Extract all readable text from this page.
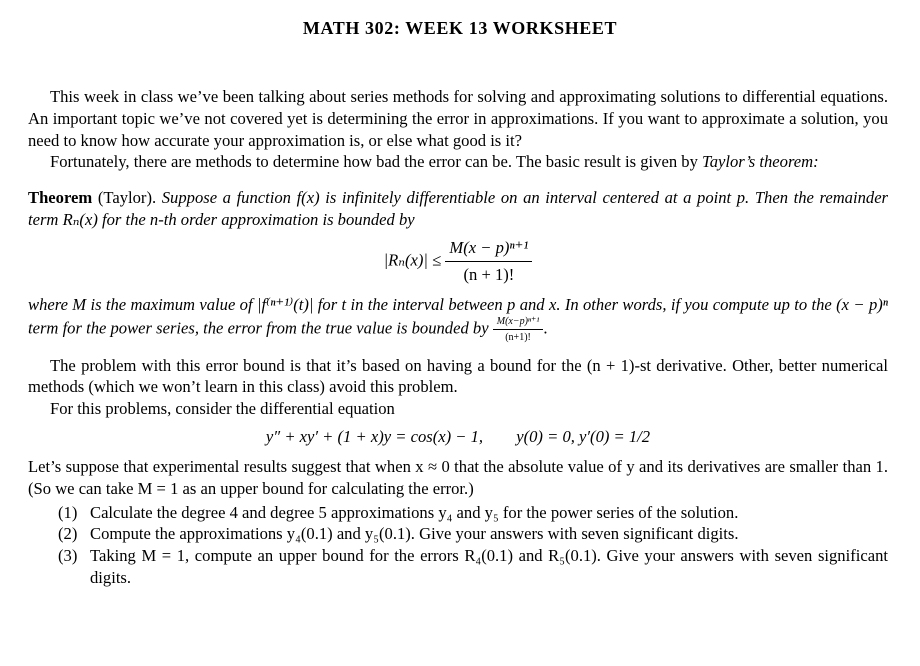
MATH 302: WEEK 13 WORKSHEET

This week in class we’ve been talking about series methods for solving and approximating solutions to differential equations. An important topic we’ve not covered yet is determining the error in approximations. If you want to approximate a solution, you need to know how accurate your approximation is, or else what good is it?

Fortunately, there are methods to determine how bad the error can be. The basic result is given by Taylor’s theorem:

Theorem (Taylor). Suppose a function f(x) is infinitely differentiable on an interval centered at a point p. Then the remainder term Rₙ(x) for the n-th order approximation is bounded by

$|R_n(x)| \le \frac{\text{M(x − p)ⁿ⁺¹}}{(n + 1)!}$

where M is the maximum value of |f⁽ⁿ⁺¹⁾(t)| for t in the interval between p and x. In other words, if you compute up to the (x − p)ⁿ term for the power series, the error from the true value is bounded by $\frac{\text{M(x−p)ⁿ⁺¹}}{(n+1)!}$ .

The problem with this error bound is that it’s based on having a bound for the (n + 1)-st derivative. Other, better numerical methods (which we won’t learn in this class) avoid this problem.

For this problems, consider the differential equation

y″ + xy′ + (1 + x)y = cos(x) − 1,        y(0) = 0, y′(0) = 1/2

Let’s suppose that experimental results suggest that when x ≈ 0 that the absolute value of y and its derivatives are smaller than 1. (So we can take M = 1 as an upper bound for calculating the error.)

(1) Calculate the degree 4 and degree 5 approximations y₄ and y₅ for the power series of the solution.
(2) Compute the approximations y₄(0.1) and y₅(0.1). Give your answers with seven significant digits.
(3) Taking M = 1, compute an upper bound for the errors R₄(0.1) and R₅(0.1). Give your answers with seven significant digits.
